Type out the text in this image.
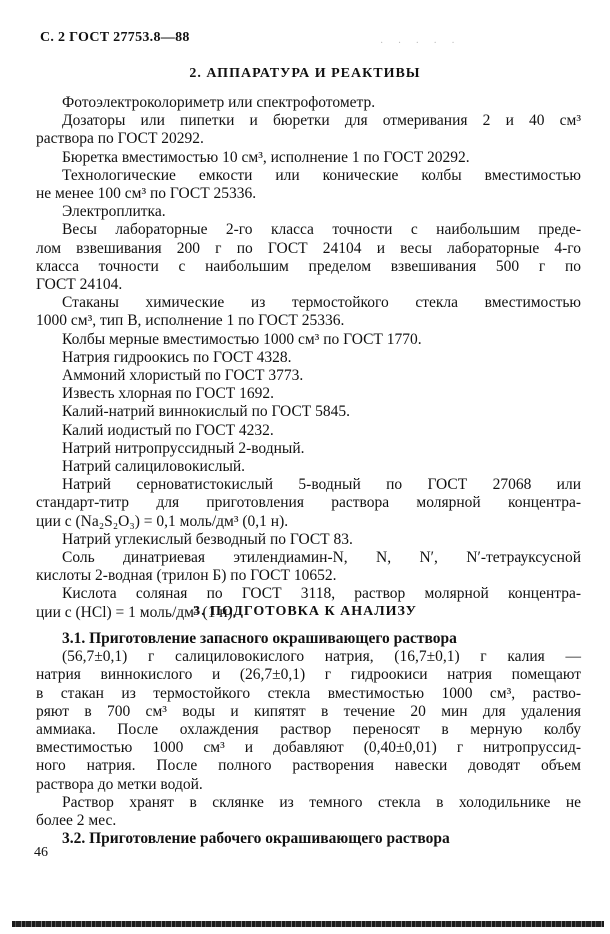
С. 2 ГОСТ 27753.8—88	· · · · ·
2. АППАРАТУРА И РЕАКТИВЫ
Фотоэлектроколориметр или спектрофотометр.
Дозаторы или пипетки и бюретки для отмеривания 2 и 40 см³
раствора по ГОСТ 20292.
Бюретка вместимостью 10 см³, исполнение 1 по ГОСТ 20292.
Технологические емкости или конические колбы вместимостью
не менее 100 см³ по ГОСТ 25336.
Электроплитка.
Весы лабораторные 2-го класса точности с наибольшим преде-
лом взвешивания 200 г по ГОСТ 24104 и весы лабораторные 4-го
класса точности с наибольшим пределом взвешивания 500 г по
ГОСТ 24104.
Стаканы химические из термостойкого стекла вместимостью
1000 см³, тип В, исполнение 1 по ГОСТ 25336.
Колбы мерные вместимостью 1000 см³ по ГОСТ 1770.
Натрия гидроокись по ГОСТ 4328.
Аммоний хлористый по ГОСТ 3773.
Известь хлорная по ГОСТ 1692.
Калий-натрий виннокислый по ГОСТ 5845.
Калий иодистый по ГОСТ 4232.
Натрий нитропруссидный 2-водный.
Натрий салициловокислый.
Натрий серноватистокислый 5-водный по ГОСТ 27068 или
стандарт-титр для приготовления раствора молярной концентра-
ции c (Na₂S₂O₃) = 0,1 моль/дм³ (0,1 н).
Натрий углекислый безводный по ГОСТ 83.
Соль динатриевая этилендиамин-N, N, N′, N′-тетрауксусной
кислоты 2-водная (трилон Б) по ГОСТ 10652.
Кислота соляная по ГОСТ 3118, раствор молярной концентра-
ции c (HCl) = 1 моль/дм³ (1 н).
3. ПОДГОТОВКА К АНАЛИЗУ

3.1. Приготовление запасного окрашивающего раствора

(56,7±0,1) г салициловокислого натрия, (16,7±0,1) г калия —
натрия виннокислого и (26,7±0,1) г гидроокиси натрия помещают
в стакан из термостойкого стекла вместимостью 1000 см³, раство-
ряют в 700 см³ воды и кипятят в течение 20 мин для удаления
аммиака. После охлаждения раствор переносят в мерную колбу
вместимостью 1000 см³ и добавляют (0,40±0,01) г нитропруссид-
ного натрия. После полного растворения навески доводят объем
раствора до метки водой.
Раствор хранят в склянке из темного стекла в холодильнике не
более 2 мес.

3.2. Приготовление рабочего окрашивающего раствора

46
